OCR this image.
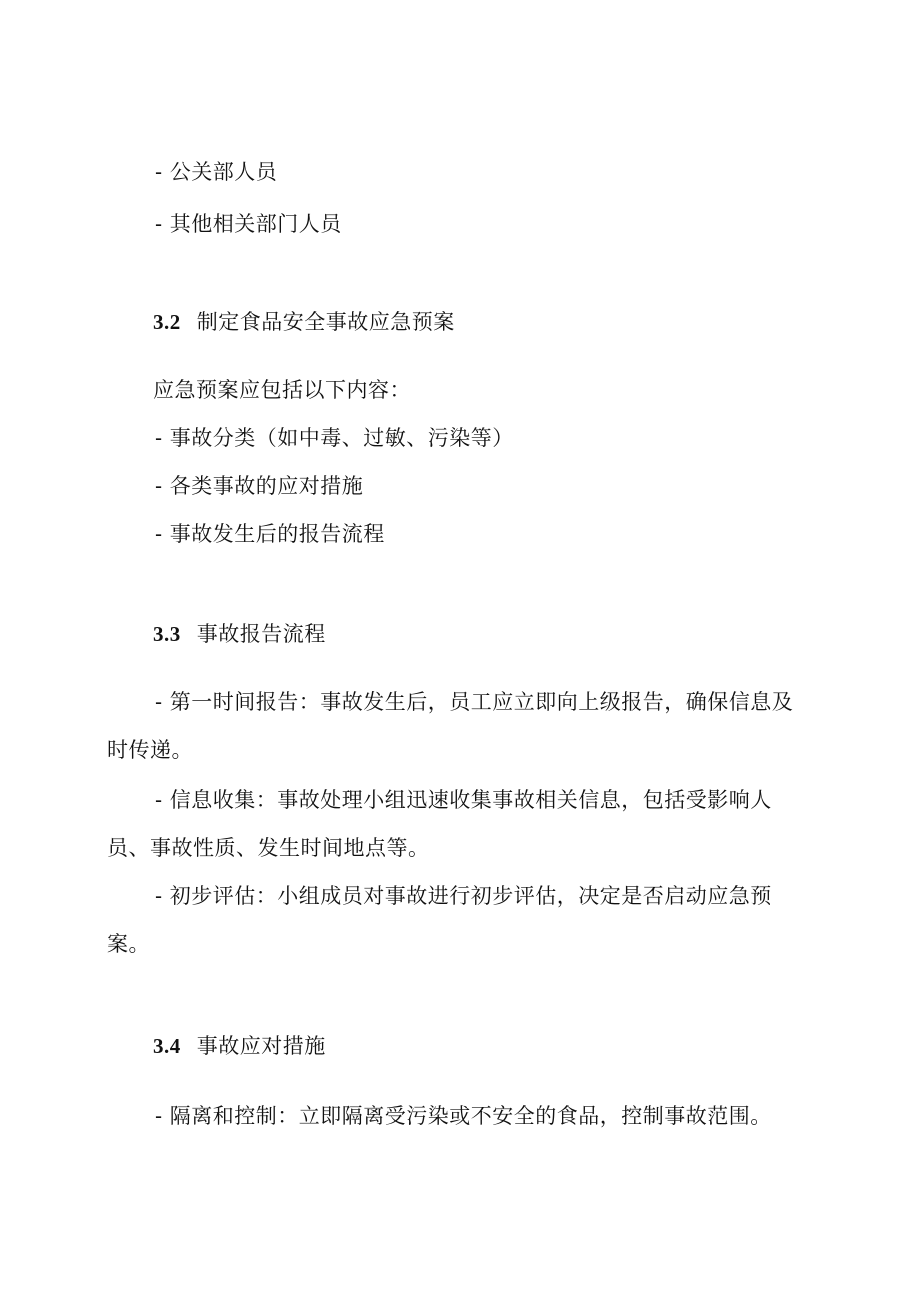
- 公关部人员
- 其他相关部门人员
3.2 制定食品安全事故应急预案
应急预案应包括以下内容：
- 事故分类（如中毒、过敏、污染等）
- 各类事故的应对措施
- 事故发生后的报告流程
3.3 事故报告流程
- 第一时间报告：事故发生后，员工应立即向上级报告，确保信息及
时传递。
- 信息收集：事故处理小组迅速收集事故相关信息，包括受影响人
员、事故性质、发生时间地点等。
- 初步评估：小组成员对事故进行初步评估，决定是否启动应急预
案。
3.4 事故应对措施
- 隔离和控制：立即隔离受污染或不安全的食品，控制事故范围。
